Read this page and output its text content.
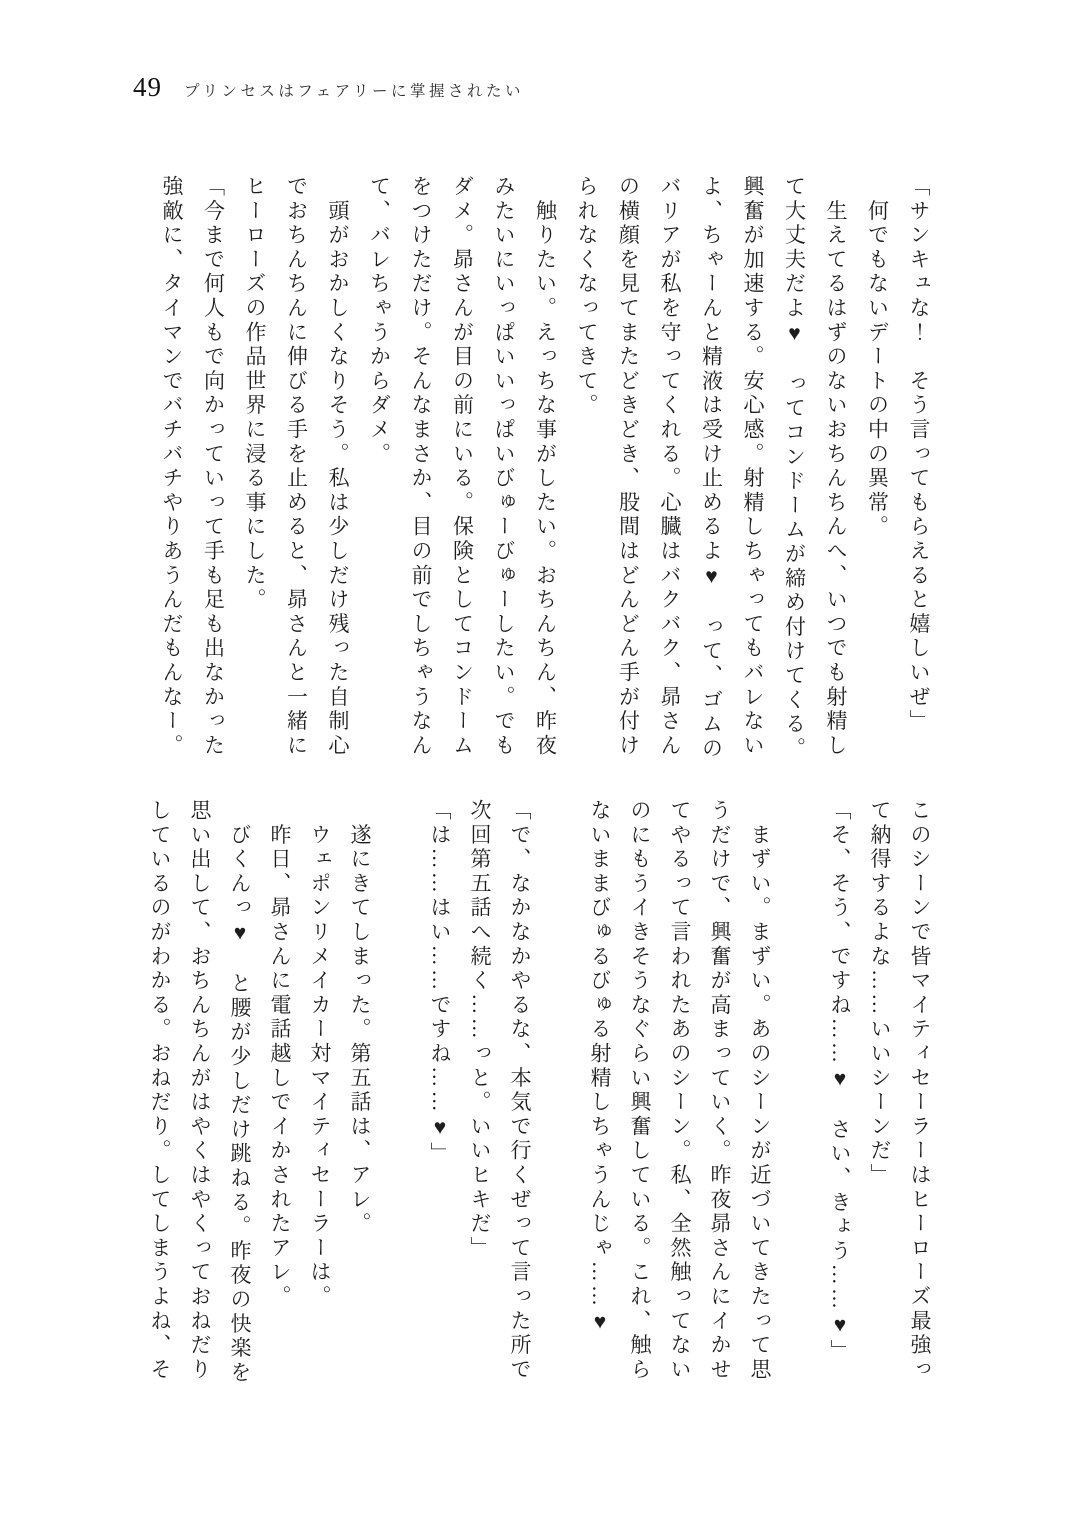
49 プリンセスはフェアリーに掌握されたい
「サンキュな！　そう言ってもらえると嬉しいぜ」
　何でもないデートの中の異常。
　生えてるはずのないおちんちんへ、いつでも射精し
て大丈夫だよ♥　ってコンドームが締め付けてくる。
興奮が加速する。安心感。射精しちゃってもバレない
よ、ちゃーんと精液は受け止めるよ♥　って、ゴムの
バリアが私を守ってくれる。心臓はバクバク、昴さん
の横顔を見てまたどきどき、股間はどんどん手が付け
られなくなってきて。
　触りたい。えっちな事がしたい。おちんちん、昨夜
みたいにいっぱいいっぱいびゅーびゅーしたい。でも
ダメ。昴さんが目の前にいる。保険としてコンドーム
をつけただけ。そんなまさか、目の前でしちゃうなん
て、バレちゃうからダメ。
　頭がおかしくなりそう。私は少しだけ残った自制心
でおちんちんに伸びる手を止めると、昴さんと一緒に
ヒーローズの作品世界に浸る事にした。
「今まで何人もで向かっていって手も足も出なかった
強敵に、タイマンでバチバチやりあうんだもんなー。
このシーンで皆マイティセーラーはヒーローズ最強っ
て納得するよな……いいシーンだ」
「そ、そう、ですね……♥　さい、きょう……♥」
　まずい。まずい。あのシーンが近づいてきたって思
うだけで、興奮が高まっていく。昨夜昴さんにイかせ
てやるって言われたあのシーン。私、全然触ってない
のにもうイきそうなぐらい興奮している。これ、触ら
ないままびゅるびゅる射精しちゃうんじゃ……♥
「で、なかなかやるな、本気で行くぜって言った所で
次回第五話へ続く……っと。いいヒキだ」
「は……はい……ですね……♥」
　遂にきてしまった。第五話は、アレ。
　ウェポンリメイカー対マイティセーラーは。
　昨日、昴さんに電話越しでイかされたアレ。
　びくんっ♥　と腰が少しだけ跳ねる。昨夜の快楽を
思い出して、おちんちんがはやくはやくっておねだり
しているのがわかる。おねだり。してしまうよね、そ
